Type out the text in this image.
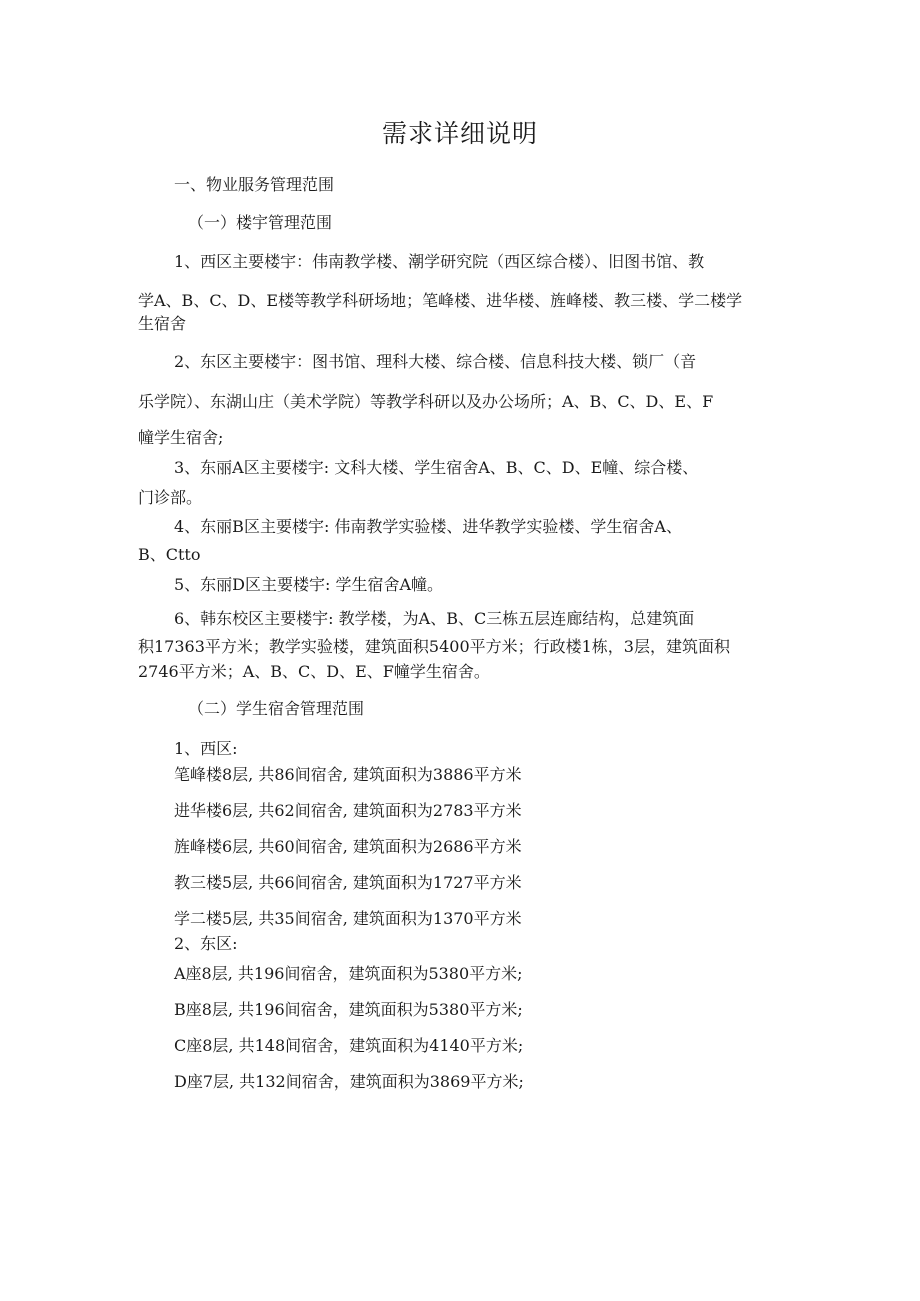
需求详细说明
一、物业服务管理范围
（一）楼宇管理范围
1、西区主要楼宇：伟南教学楼、潮学研究院（西区综合楼）、旧图书馆、教
学A、B、C、D、E楼等教学科研场地；笔峰楼、进华楼、旌峰楼、教三楼、学二楼学
生宿舍
2、东区主要楼宇：图书馆、理科大楼、综合楼、信息科技大楼、锁厂（音
乐学院）、东湖山庄（美术学院）等教学科研以及办公场所；A、B、C、D、E、F
幢学生宿舍;
3、东丽A区主要楼宇: 文科大楼、学生宿舍A、B、C、D、E幢、综合楼、
门诊部。
4、东丽B区主要楼宇: 伟南教学实验楼、进华教学实验楼、学生宿舍A、
B、Ctto
5、东丽D区主要楼宇: 学生宿舍A幢。
6、韩东校区主要楼宇: 教学楼，为A、B、C三栋五层连廊结构，总建筑面
积17363平方米；教学实验楼，建筑面积5400平方米；行政楼1栋，3层，建筑面积
2746平方米；A、B、C、D、E、F幢学生宿舍。
（二）学生宿舍管理范围
1、西区:
笔峰楼8层, 共86间宿舍, 建筑面积为3886平方米
进华楼6层, 共62间宿舍, 建筑面积为2783平方米
旌峰楼6层, 共60间宿舍, 建筑面积为2686平方米
教三楼5层, 共66间宿舍, 建筑面积为1727平方米
学二楼5层, 共35间宿舍, 建筑面积为1370平方米
2、东区:
A座8层, 共196间宿舍，建筑面积为5380平方米;
B座8层, 共196间宿舍，建筑面积为5380平方米;
C座8层, 共148间宿舍，建筑面积为4140平方米;
D座7层, 共132间宿舍，建筑面积为3869平方米;
